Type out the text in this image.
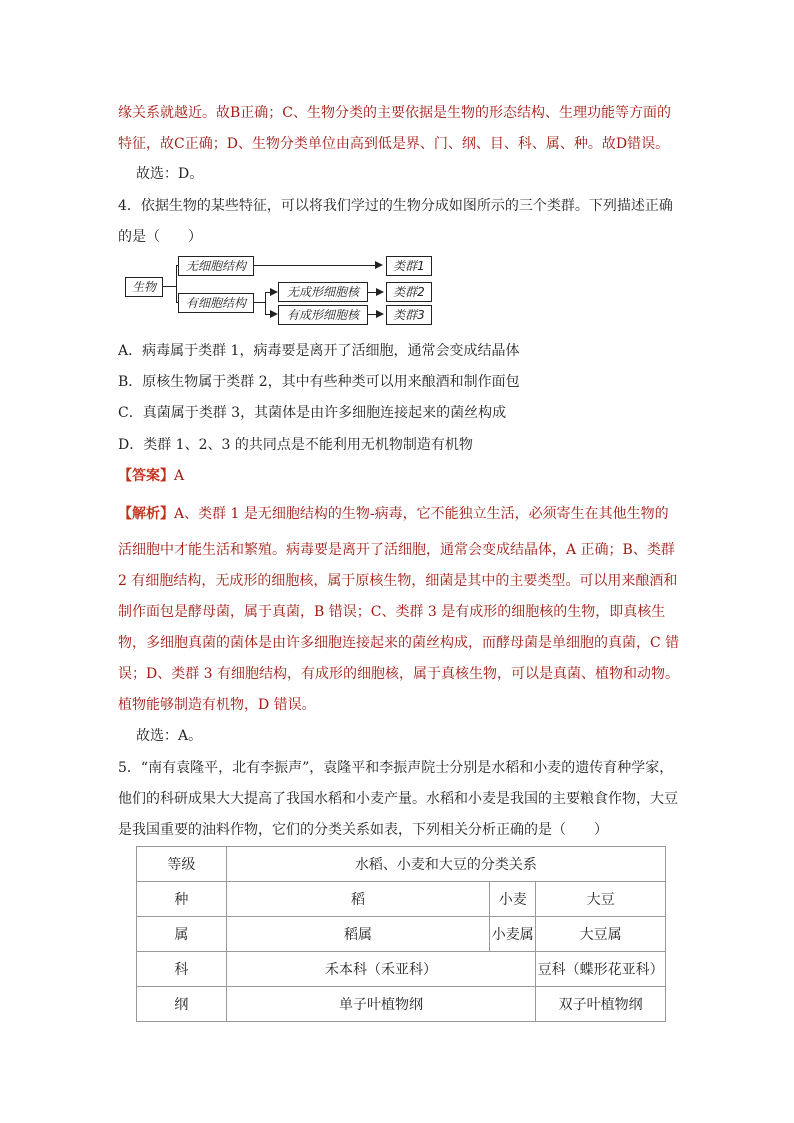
缘关系就越近。故B正确；C、生物分类的主要依据是生物的形态结构、生理功能等方面的
特征，故C正确；D、生物分类单位由高到低是界、门、纲、目、科、属、种。故D错误。
故选：D。
4．依据生物的某些特征，可以将我们学过的生物分成如图所示的三个类群。下列描述正确
的是（　　）
生物
无细胞结构
有细胞结构
无成形细胞核
有成形细胞核
类群1
类群2
类群3
A．病毒属于类群 1，病毒要是离开了活细胞，通常会变成结晶体
B．原核生物属于类群 2，其中有些种类可以用来酿酒和制作面包
C．真菌属于类群 3，其菌体是由许多细胞连接起来的菌丝构成
D．类群 1、2、3 的共同点是不能利用无机物制造有机物
【答案】A
【解析】A、类群 1 是无细胞结构的生物-病毒，它不能独立生活，必须寄生在其他生物的
活细胞中才能生活和繁殖。病毒要是离开了活细胞，通常会变成结晶体，A 正确；B、类群
2 有细胞结构，无成形的细胞核，属于原核生物，细菌是其中的主要类型。可以用来酿酒和
制作面包是酵母菌，属于真菌，B 错误；C、类群 3 是有成形的细胞核的生物，即真核生
物，多细胞真菌的菌体是由许多细胞连接起来的菌丝构成，而酵母菌是单细胞的真菌，C 错
误；D、类群 3 有细胞结构，有成形的细胞核，属于真核生物，可以是真菌、植物和动物。
植物能够制造有机物，D 错误。
故选：A。
5．“南有袁隆平，北有李振声”，袁隆平和李振声院士分别是水稻和小麦的遗传育种学家，
他们的科研成果大大提高了我国水稻和小麦产量。水稻和小麦是我国的主要粮食作物，大豆
是我国重要的油料作物，它们的分类关系如表，下列相关分析正确的是（　　）
等级	水稻、小麦和大豆的分类关系		
种	稻	小麦	大豆
属	稻属	小麦属	大豆属
科	禾本科（禾亚科）		豆科（蝶形花亚科）
纲	单子叶植物纲		双子叶植物纲
